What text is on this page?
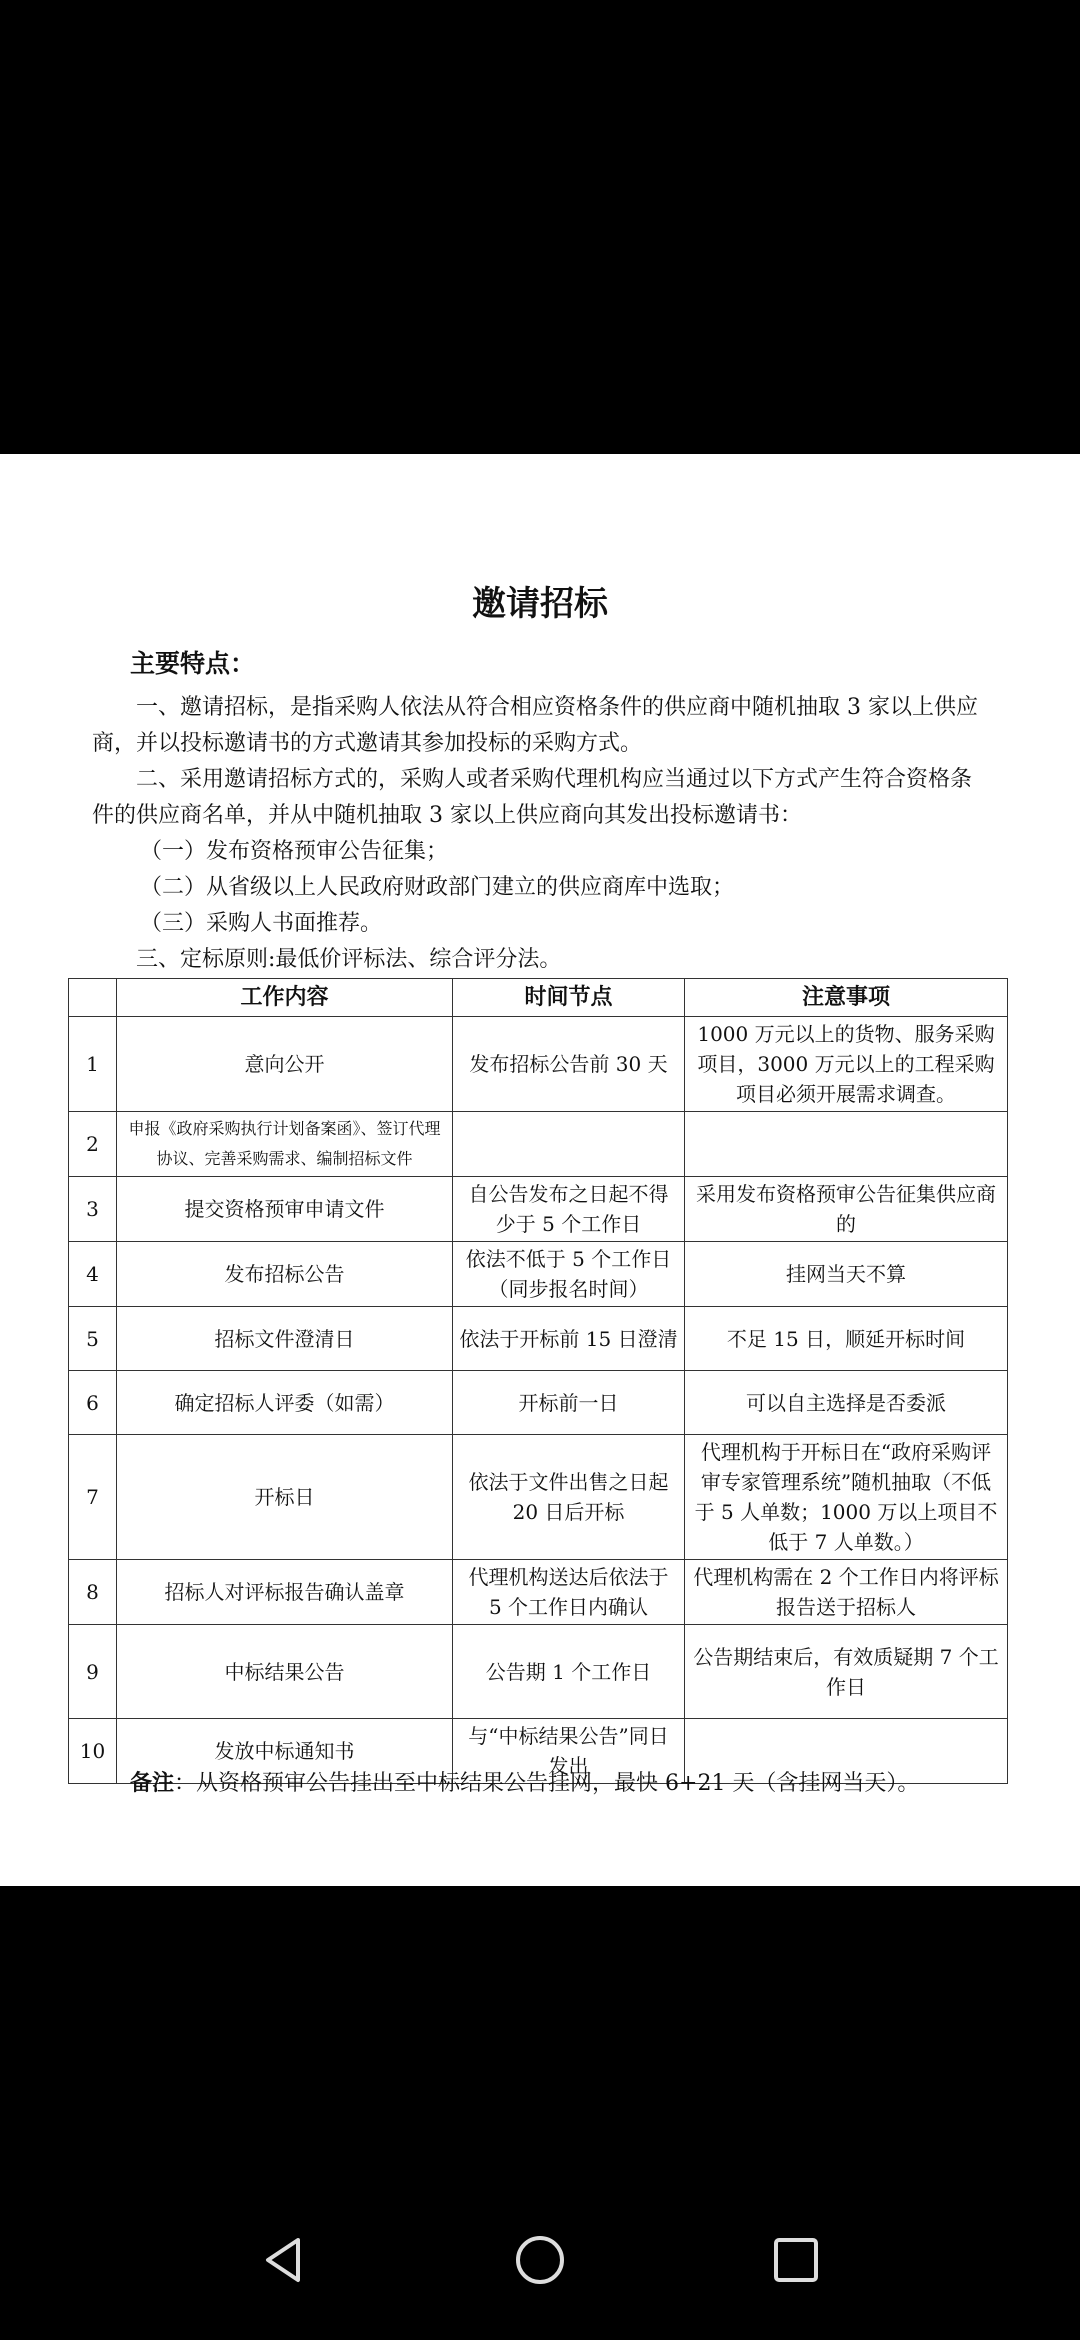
邀请招标
主要特点：
一、邀请招标，是指采购人依法从符合相应资格条件的供应商中随机抽取 3 家以上供应商，并以投标邀请书的方式邀请其参加投标的采购方式。
二、采用邀请招标方式的，采购人或者采购代理机构应当通过以下方式产生符合资格条件的供应商名单，并从中随机抽取 3 家以上供应商向其发出投标邀请书：
（一）发布资格预审公告征集；
（二）从省级以上人民政府财政部门建立的供应商库中选取；
（三）采购人书面推荐。
三、定标原则:最低价评标法、综合评分法。
	工作内容	时间节点	注意事项
1	意向公开	发布招标公告前 30 天	1000 万元以上的货物、服务采购项目，3000 万元以上的工程采购项目必须开展需求调查。
2	申报《政府采购执行计划备案函》、签订代理协议、完善采购需求、编制招标文件		
3	提交资格预审申请文件	自公告发布之日起不得少于 5 个工作日	采用发布资格预审公告征集供应商的
4	发布招标公告	依法不低于 5 个工作日（同步报名时间）	挂网当天不算
5	招标文件澄清日	依法于开标前 15 日澄清	不足 15 日，顺延开标时间
6	确定招标人评委（如需）	开标前一日	可以自主选择是否委派
7	开标日	依法于文件出售之日起 20 日后开标	代理机构于开标日在“政府采购评审专家管理系统”随机抽取（不低于 5 人单数；1000 万以上项目不低于 7 人单数。）
8	招标人对评标报告确认盖章	代理机构送达后依法于 5 个工作日内确认	代理机构需在 2 个工作日内将评标报告送于招标人
9	中标结果公告	公告期 1 个工作日	公告期结束后，有效质疑期 7 个工作日
10	发放中标通知书	与“中标结果公告”同日发出	
备注：从资格预审公告挂出至中标结果公告挂网，最快 6+21 天（含挂网当天）。
